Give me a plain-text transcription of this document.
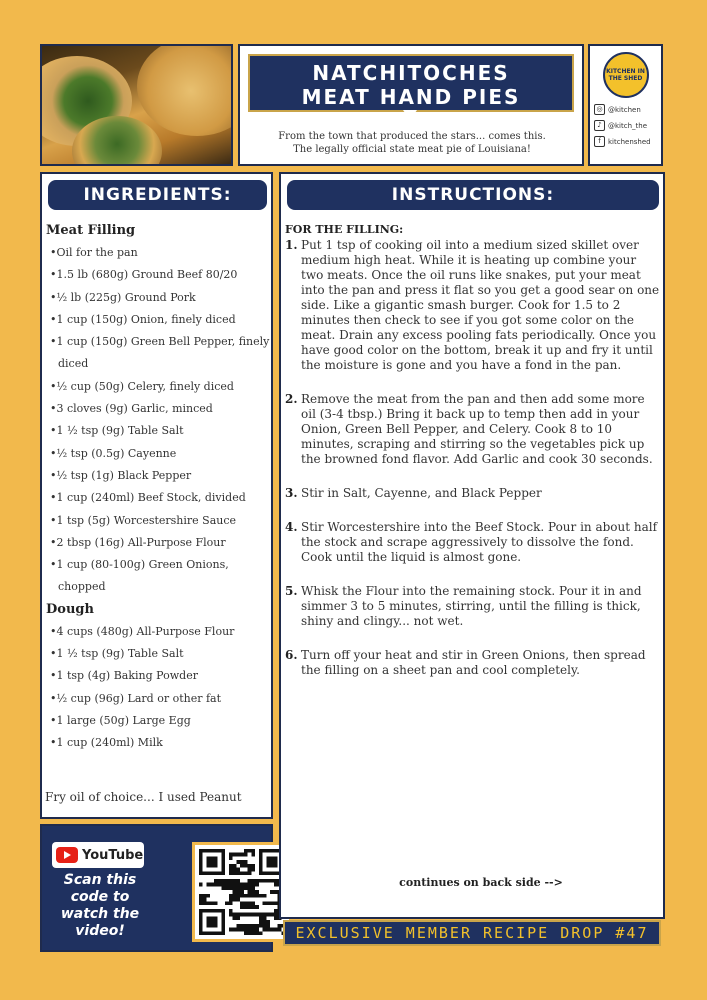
NATCHITOCHES
MEAT HAND PIES
From the town that produced the stars... comes this.
The legally official state meat pie of Louisiana!
KITCHEN IN THE SHED
◎ @kitchen
♪ @kitch_the
f	kitchenshed
INGREDIENTS:
Meat Filling
• Oil for the pan
• 1.5 lb (680g) Ground Beef 80/20
• ½ lb (225g) Ground Pork
• 1 cup (150g) Onion, finely diced
• 1 cup (150g) Green Bell Pepper, finely diced
• ½ cup (50g) Celery, finely diced
• 3 cloves (9g) Garlic, minced
• 1 ½ tsp (9g) Table Salt
• ½ tsp (0.5g) Cayenne
• ½ tsp (1g) Black Pepper
• 1 cup (240ml) Beef Stock, divided
• 1 tsp (5g) Worcestershire Sauce
• 2 tbsp (16g) All-Purpose Flour
• 1 cup (80-100g) Green Onions, chopped
Dough
• 4 cups (480g) All-Purpose Flour
• 1 ½ tsp (9g) Table Salt
• 1 tsp (4g) Baking Powder
• ½ cup (96g) Lard or other fat
• 1 large (50g) Large Egg
• 1 cup (240ml) Milk
Fry oil of choice... I used Peanut
YouTube
Scan this code to watch the video!
INSTRUCTIONS:
FOR THE FILLING:
1. Put 1 tsp of cooking oil into a medium sized skillet over medium high heat. While it is heating up combine your two meats. Once the oil runs like snakes, put your meat into the pan and press it flat so you get a good sear on one side. Like a gigantic smash burger. Cook for 1.5 to 2 minutes then check to see if you got some color on the meat. Drain any excess pooling fats periodically. Once you have good color on the bottom, break it up and fry it until the moisture is gone and you have a fond in the pan.
2. Remove the meat from the pan and then add some more oil (3-4 tbsp.) Bring it back up to temp then add in your Onion, Green Bell Pepper, and Celery. Cook 8 to 10 minutes, scraping and stirring so the vegetables pick up the browned fond flavor. Add Garlic and cook 30 seconds.
3. Stir in Salt, Cayenne, and Black Pepper
4. Stir Worcestershire into the Beef Stock. Pour in about half the stock and scrape aggressively to dissolve the fond. Cook until the liquid is almost gone.
5. Whisk the Flour into the remaining stock. Pour it in and simmer 3 to 5 minutes, stirring, until the filling is thick, shiny and clingy... not wet.
6. Turn off your heat and stir in Green Onions, then spread the filling on a sheet pan and cool completely.
continues on back side -->
EXCLUSIVE MEMBER RECIPE DROP #47
